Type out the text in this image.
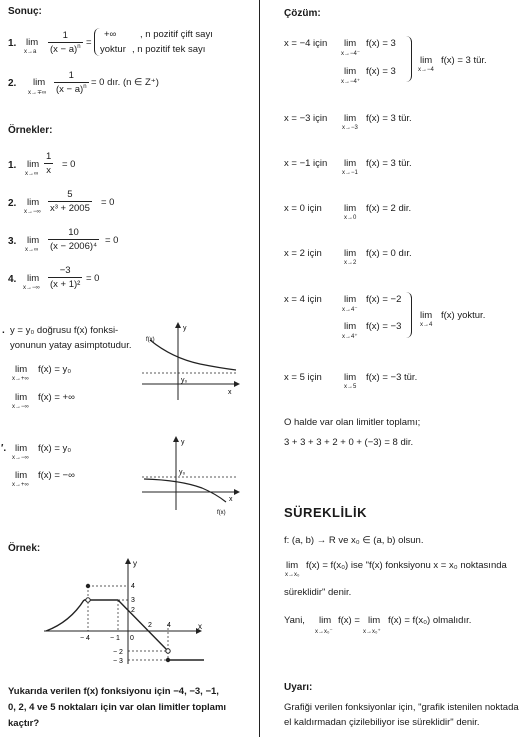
Sonuç:
1. lim
$x\to a \frac{1}{(x - a)^n}$ =
+∞ , n pozitif çift sayı
yoktur , n pozitif tek sayı
2. lim
$x\to\mp\infty \frac{1}{(x - a)^n} = 0$ dır. (n ∈ Z⁺)
Örnekler:
1. lim
$x\to\infty \frac{1}{x} = 0$
2. lim
$x\to-\infty \frac{5}{\text{x³ + 2005}} = 0$
3. lim
$x\to\infty \frac{10}{\text{(x − 2006)⁴}} = 0$
4. lim
$x\to-\infty \frac{-3}{\text{(x + 1)²}} = 0$
. y = y₀ doğrusu f(x) fonksi-
yonunun yatay asimptotudur.
lim
x→+∞
f(x) = y₀
lim
x→−∞
f(x) = +∞
f(x)
y
x
y₀
′. lim
x→−∞
f(x) = y₀
lim
x→+∞
f(x) = −∞
y
x
y₀
f(x)
Örnek:
y
x
4
3
2
− 4	− 1 0
2 4
− 2
− 3
Yukarıda verilen f(x) fonksiyonu için −4, −3, −1,
0, 2, 4 ve 5 noktaları için var olan limitler toplamı
kaçtır?
Çözüm:
x = −4 için lim
x→−4⁻
f(x) = 3
lim
x→−4⁺
f(x) = 3
lim
x→−4
f(x) = 3 tür.
x = −3 için lim
x→−3
f(x) = 3 tür.
x = −1 için lim
x→−1
f(x) = 3 tür.
x = 0 için lim
x→0
f(x) = 2 dir.
x = 2 için lim
x→2
f(x) = 0 dır.
x = 4 için lim
x→4⁻
f(x) = −2
lim
x→4⁺
f(x) = −3
lim
x→4
f(x) yoktur.
x = 5 için lim
x→5
f(x) = −3 tür.
O halde var olan limitler toplamı;
3 + 3 + 3 + 2 + 0 + (−3) = 8 dir.
SÜREKLİLİK
f: (a, b) → R ve x₀ ∈ (a, b) olsun.
lim
x→x₀
f(x) = f(x₀) ise "f(x) fonksiyonu x = x₀ noktasında
süreklidir" denir.
Yani, lim
x→x₀⁻
f(x) = lim
x→x₀⁺
f(x) = f(x₀) olmalıdır.
Uyarı:
Grafiği verilen fonksiyonlar için, "grafik istenilen noktada
el kaldırmadan çizilebiliyor ise süreklidir" denir.
